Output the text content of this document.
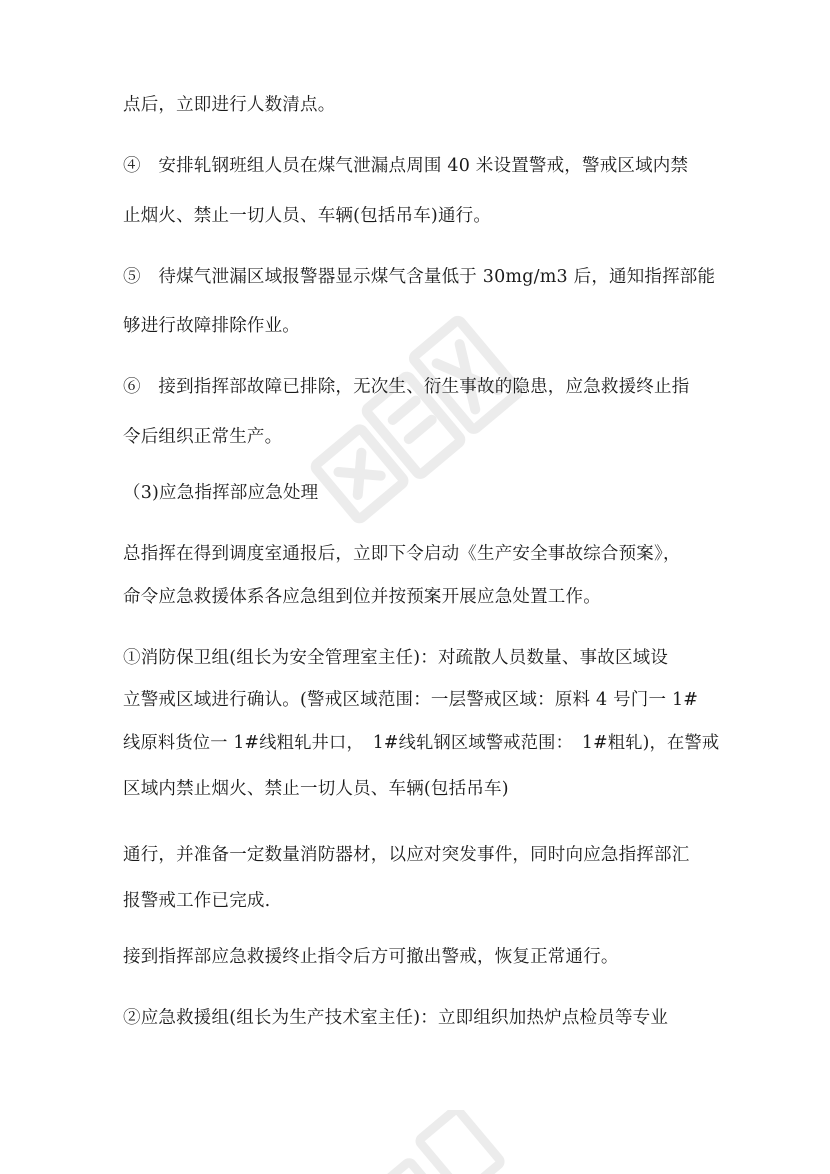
点后，立即进行人数清点。

④　安排轧钢班组人员在煤气泄漏点周围 40 米设置警戒，警戒区域内禁

止烟火、禁止一切人员、车辆(包括吊车)通行。

⑤　待煤气泄漏区域报警器显示煤气含量低于 30mg/m3 后，通知指挥部能

够进行故障排除作业。

⑥　接到指挥部故障已排除，无次生、衍生事故的隐患，应急救援终止指

令后组织正常生产。

（3)应急指挥部应急处理

总指挥在得到调度室通报后，立即下令启动《生产安全事故综合预案》，

命令应急救援体系各应急组到位并按预案开展应急处置工作。

①消防保卫组(组长为安全管理室主任)：对疏散人员数量、事故区域设

立警戒区域进行确认。(警戒区域范围：一层警戒区域：原料 4 号门一 1#

线原料货位一 1#线粗轧井口，　1#线轧钢区域警戒范围：　1#粗轧)，在警戒

区域内禁止烟火、禁止一切人员、车辆(包括吊车)

通行，并准备一定数量消防器材，以应对突发事件，同时向应急指挥部汇

报警戒工作已完成.

接到指挥部应急救援终止指令后方可撤出警戒，恢复正常通行。

②应急救援组(组长为生产技术室主任)：立即组织加热炉点检员等专业
